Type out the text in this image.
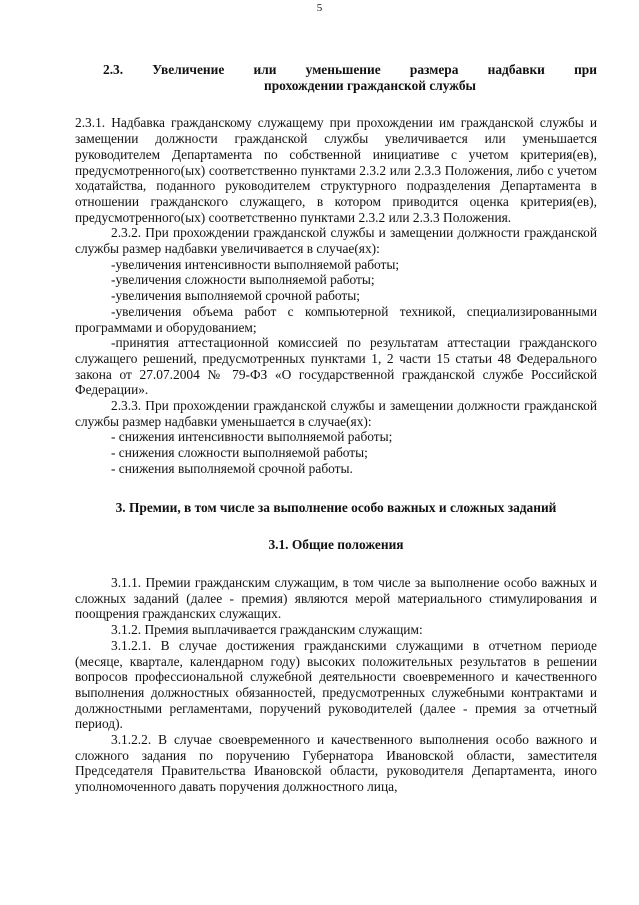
5
2.3. Увеличение или уменьшение размера надбавки при
прохождении гражданской службы

2.3.1. Надбавка гражданскому служащему при прохождении им гражданской службы и замещении должности гражданской службы увеличивается или уменьшается руководителем Департамента по собственной инициативе с учетом критерия(ев), предусмотренного(ых) соответственно пунктами 2.3.2 или 2.3.3 Положения, либо с учетом ходатайства, поданного руководителем структурного подразделения Департамента в отношении гражданского служащего, в котором приводится оценка критерия(ев), предусмотренного(ых) соответственно пунктами 2.3.2 или 2.3.3 Положения.

2.3.2. При прохождении гражданской службы и замещении должности гражданской службы размер надбавки увеличивается в случае(ях):

-увеличения интенсивности выполняемой работы;

-увеличения сложности выполняемой работы;

-увеличения выполняемой срочной работы;

-увеличения объема работ с компьютерной техникой, специализированными программами и оборудованием;

-принятия аттестационной комиссией по результатам аттестации гражданского служащего решений, предусмотренных пунктами 1, 2 части 15 статьи 48 Федерального закона от 27.07.2004 № 79-ФЗ «О государственной гражданской службе Российской Федерации».

2.3.3. При прохождении гражданской службы и замещении должности гражданской службы размер надбавки уменьшается в случае(ях):

- снижения интенсивности выполняемой работы;

- снижения сложности выполняемой работы;

- снижения выполняемой срочной работы.

3. Премии, в том числе за выполнение особо важных и сложных заданий
3.1. Общие положения

3.1.1. Премии гражданским служащим, в том числе за выполнение особо важных и сложных заданий (далее - премия) являются мерой материального стимулирования и поощрения гражданских служащих.

3.1.2. Премия выплачивается гражданским служащим:

3.1.2.1. В случае достижения гражданскими служащими в отчетном периоде (месяце, квартале, календарном году) высоких положительных результатов в решении вопросов профессиональной служебной деятельности своевременного и качественного выполнения должностных обязанностей, предусмотренных служебными контрактами и должностными регламентами, поручений руководителей (далее - премия за отчетный период).

3.1.2.2. В случае своевременного и качественного выполнения особо важного и сложного задания по поручению Губернатора Ивановской области, заместителя Председателя Правительства Ивановской области, руководителя Департамента, иного уполномоченного давать поручения должностного лица,
